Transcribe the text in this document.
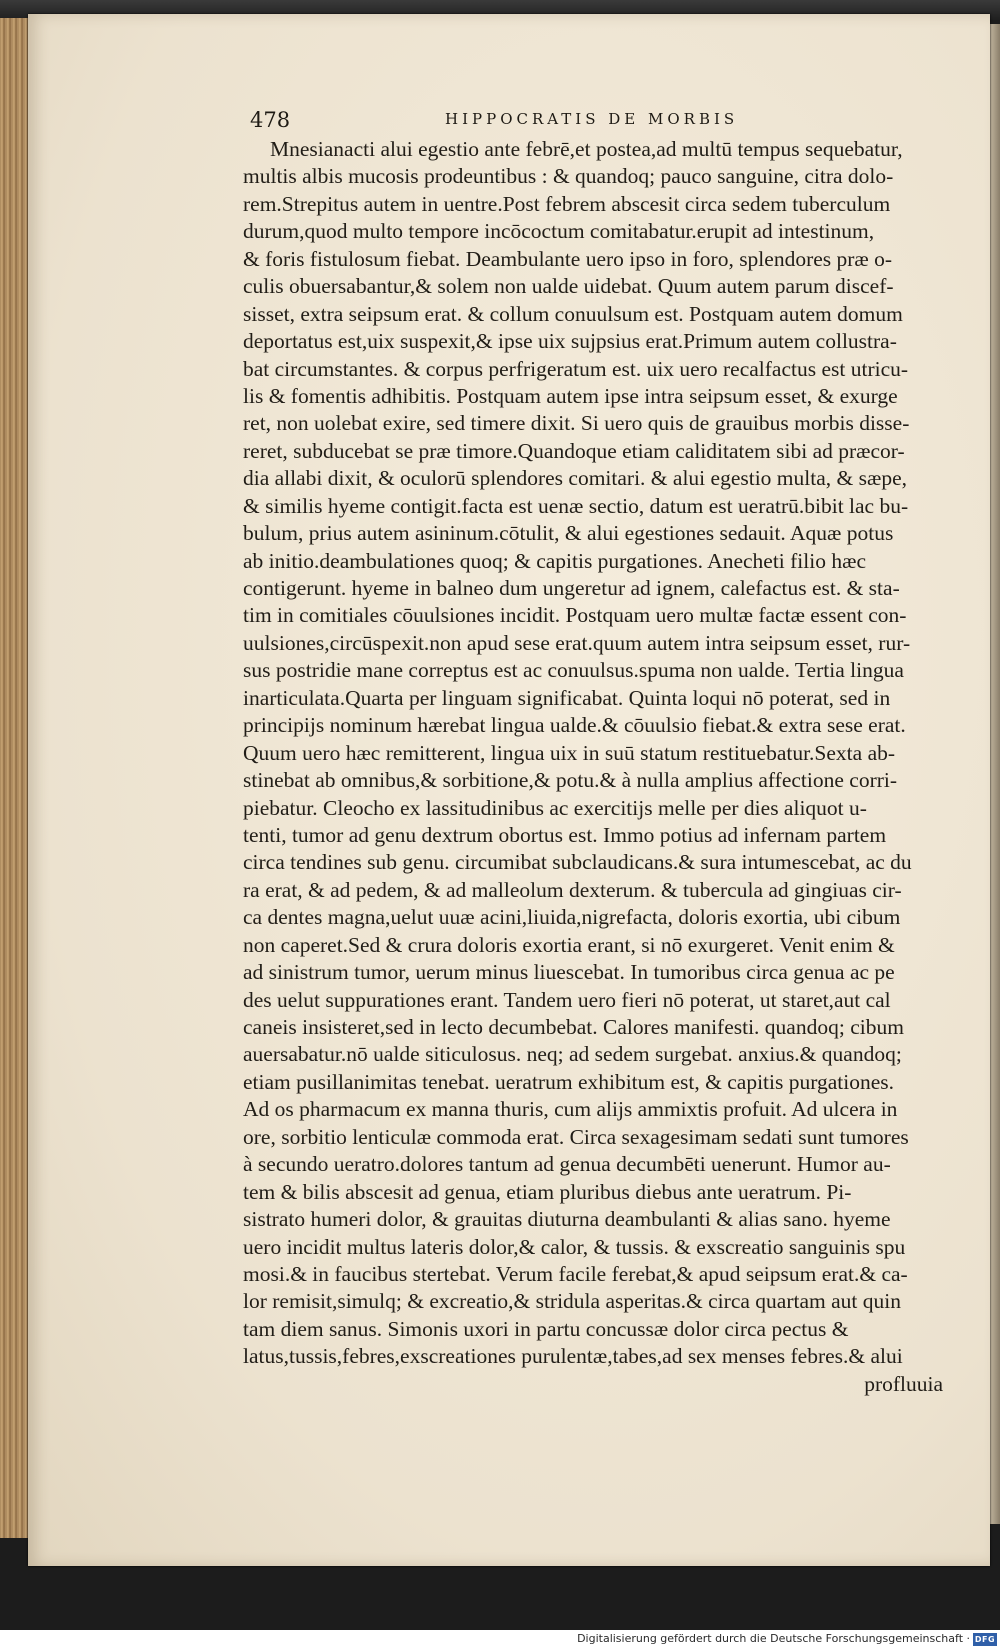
478	HIPPOCRATIS DE MORBIS
Mnesianacti alui egestio ante febrē,et postea,ad multū tempus sequebatur,
multis albis mucosis prodeuntibus : & quandoq; pauco sanguine, citra dolo-
rem.Strepitus autem in uentre.Post febrem abscesit circa sedem tuberculum
durum,quod multo tempore incōcoctum comitabatur.erupit ad intestinum,
& foris fistulosum fiebat. Deambulante uero ipso in foro, splendores præ o-
culis obuersabantur,& solem non ualde uidebat. Quum autem parum discef-
sisset, extra seipsum erat. & collum conuulsum est. Postquam autem domum
deportatus est,uix suspexit,& ipse uix sujpsius erat.Primum autem collustra-
bat circumstantes. & corpus perfrigeratum est. uix uero recalfactus est utricu-
lis & fomentis adhibitis. Postquam autem ipse intra seipsum esset, & exurge
ret, non uolebat exire, sed timere dixit. Si uero quis de grauibus morbis disse-
reret, subducebat se præ timore.Quandoque etiam caliditatem sibi ad præcor-
dia allabi dixit, & oculorū splendores comitari. & alui egestio multa, & sæpe,
& similis hyeme contigit.facta est uenæ sectio, datum est ueratrū.bibit lac bu-
bulum, prius autem asininum.cōtulit, & alui egestiones sedauit. Aquæ potus
ab initio.deambulationes quoq; & capitis purgationes. Anecheti filio hæc
contigerunt. hyeme in balneo dum ungeretur ad ignem, calefactus est. & sta-
tim in comitiales cōuulsiones incidit. Postquam uero multæ factæ essent con-
uulsiones,circūspexit.non apud sese erat.quum autem intra seipsum esset, rur-
sus postridie mane correptus est ac conuulsus.spuma non ualde. Tertia lingua
inarticulata.Quarta per linguam significabat. Quinta loqui nō poterat, sed in
principijs nominum hærebat lingua ualde.& cōuulsio fiebat.& extra sese erat.
Quum uero hæc remitterent, lingua uix in suū statum restituebatur.Sexta ab-
stinebat ab omnibus,& sorbitione,& potu.& à nulla amplius affectione corri-
piebatur. Cleocho ex lassitudinibus ac exercitijs melle per dies aliquot u-
tenti, tumor ad genu dextrum obortus est. Immo potius ad infernam partem
circa tendines sub genu. circumibat subclaudicans.& sura intumescebat, ac du
ra erat, & ad pedem, & ad malleolum dexterum. & tubercula ad gingiuas cir-
ca dentes magna,uelut uuæ acini,liuida,nigrefacta, doloris exortia, ubi cibum
non caperet.Sed & crura doloris exortia erant, si nō exurgeret. Venit enim &
ad sinistrum tumor, uerum minus liuescebat. In tumoribus circa genua ac pe
des uelut suppurationes erant. Tandem uero fieri nō poterat, ut staret,aut cal
caneis insisteret,sed in lecto decumbebat. Calores manifesti. quandoq; cibum
auersabatur.nō ualde siticulosus. neq; ad sedem surgebat. anxius.& quandoq;
etiam pusillanimitas tenebat. ueratrum exhibitum est, & capitis purgationes.
Ad os pharmacum ex manna thuris, cum alijs ammixtis profuit. Ad ulcera in
ore, sorbitio lenticulæ commoda erat. Circa sexagesimam sedati sunt tumores
à secundo ueratro.dolores tantum ad genua decumbēti uenerunt. Humor au-
tem & bilis abscesit ad genua, etiam pluribus diebus ante ueratrum. Pi-
sistrato humeri dolor, & grauitas diuturna deambulanti & alias sano. hyeme
uero incidit multus lateris dolor,& calor, & tussis. & exscreatio sanguinis spu
mosi.& in faucibus stertebat. Verum facile ferebat,& apud seipsum erat.& ca-
lor remisit,simulq; & excreatio,& stridula asperitas.& circa quartam aut quin
tam diem sanus. Simonis uxori in partu concussæ dolor circa pectus &
latus,tussis,febres,exscreationes purulentæ,tabes,ad sex menses febres.& alui
profluuia
Digitalisierung gefördert durch die Deutsche Forschungsgemeinschaft · DFG
